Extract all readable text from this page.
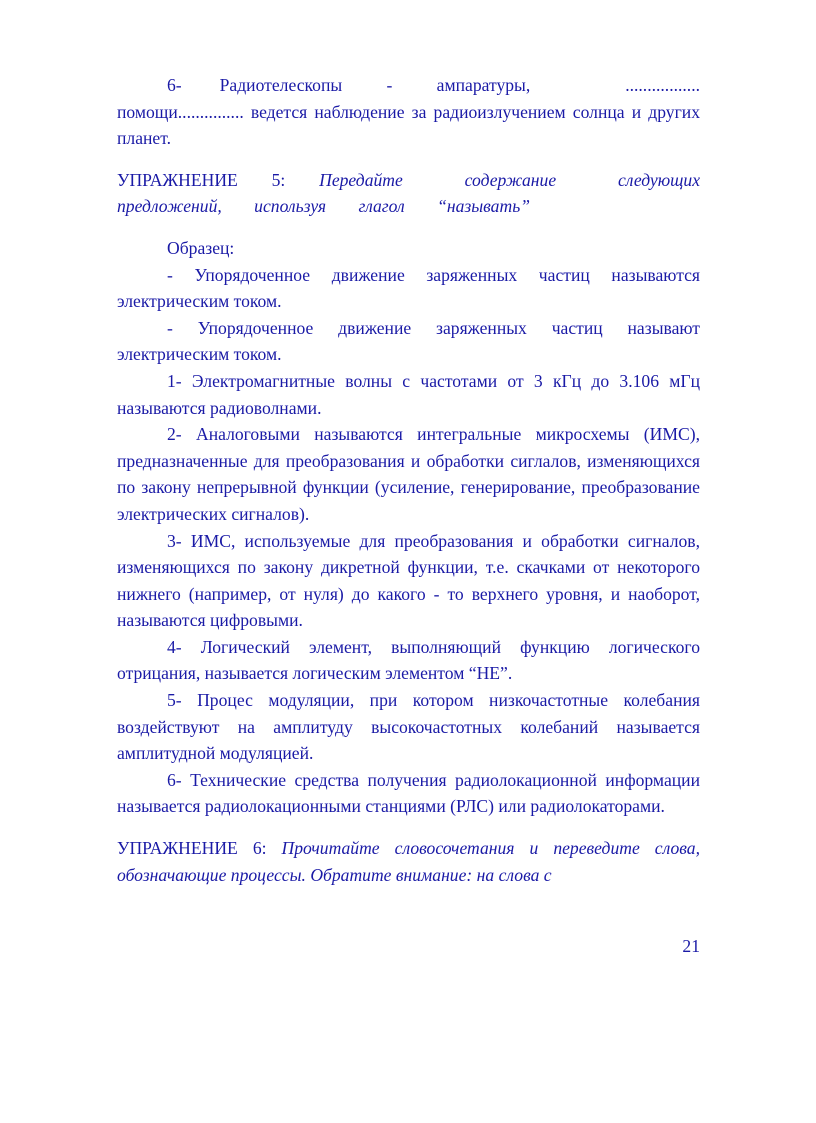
6-      Радиотелескопы       -       ампаратуры,               .................

помощи............... ведется наблюдение за радиоизлучением солнца и других планет.

УПРАЖНЕНИЕ 5: Передайте содержание следующих предложений, используя глагол “называть”

Образец:

- Упорядоченное движение заряженных частиц называются электрическим током.

- Упорядоченное движение заряженных частиц называют электрическим током.

1- Электромагнитные волны с частотами от 3 кГц до 3.106 мГц называются радиоволнами.

2- Аналоговыми называются интегральные микросхемы (ИМС), предназначенные для преобразования и обработки сиглалов, изменяющихся по закону непрерывной функции (усиление, генерирование, преобразование электрических сигналов).

3- ИМС, используемые для преобразования и обработки сигналов, изменяющихся по закону дикретной функции, т.е. скачками от некоторого нижнего (например, от нуля) до какого - то верхнего уровня, и наоборот, называются цифровыми.

4- Логический элемент, выполняющий функцию логического отрицания, называется логическим элементом “НЕ”.

5- Процес модуляции, при котором низкочастотные колебания воздействуют на амплитуду высокочастотных колебаний называется амплитудной модуляцией.

6- Технические средства получения радиолокационной информации называется радиолокационными станциями (РЛС) или радиолокаторами.

УПРАЖНЕНИЕ 6: Прочитайте словосочетания и переведите слова, обозначающие процессы. Обратите внимание: на слова с

21
